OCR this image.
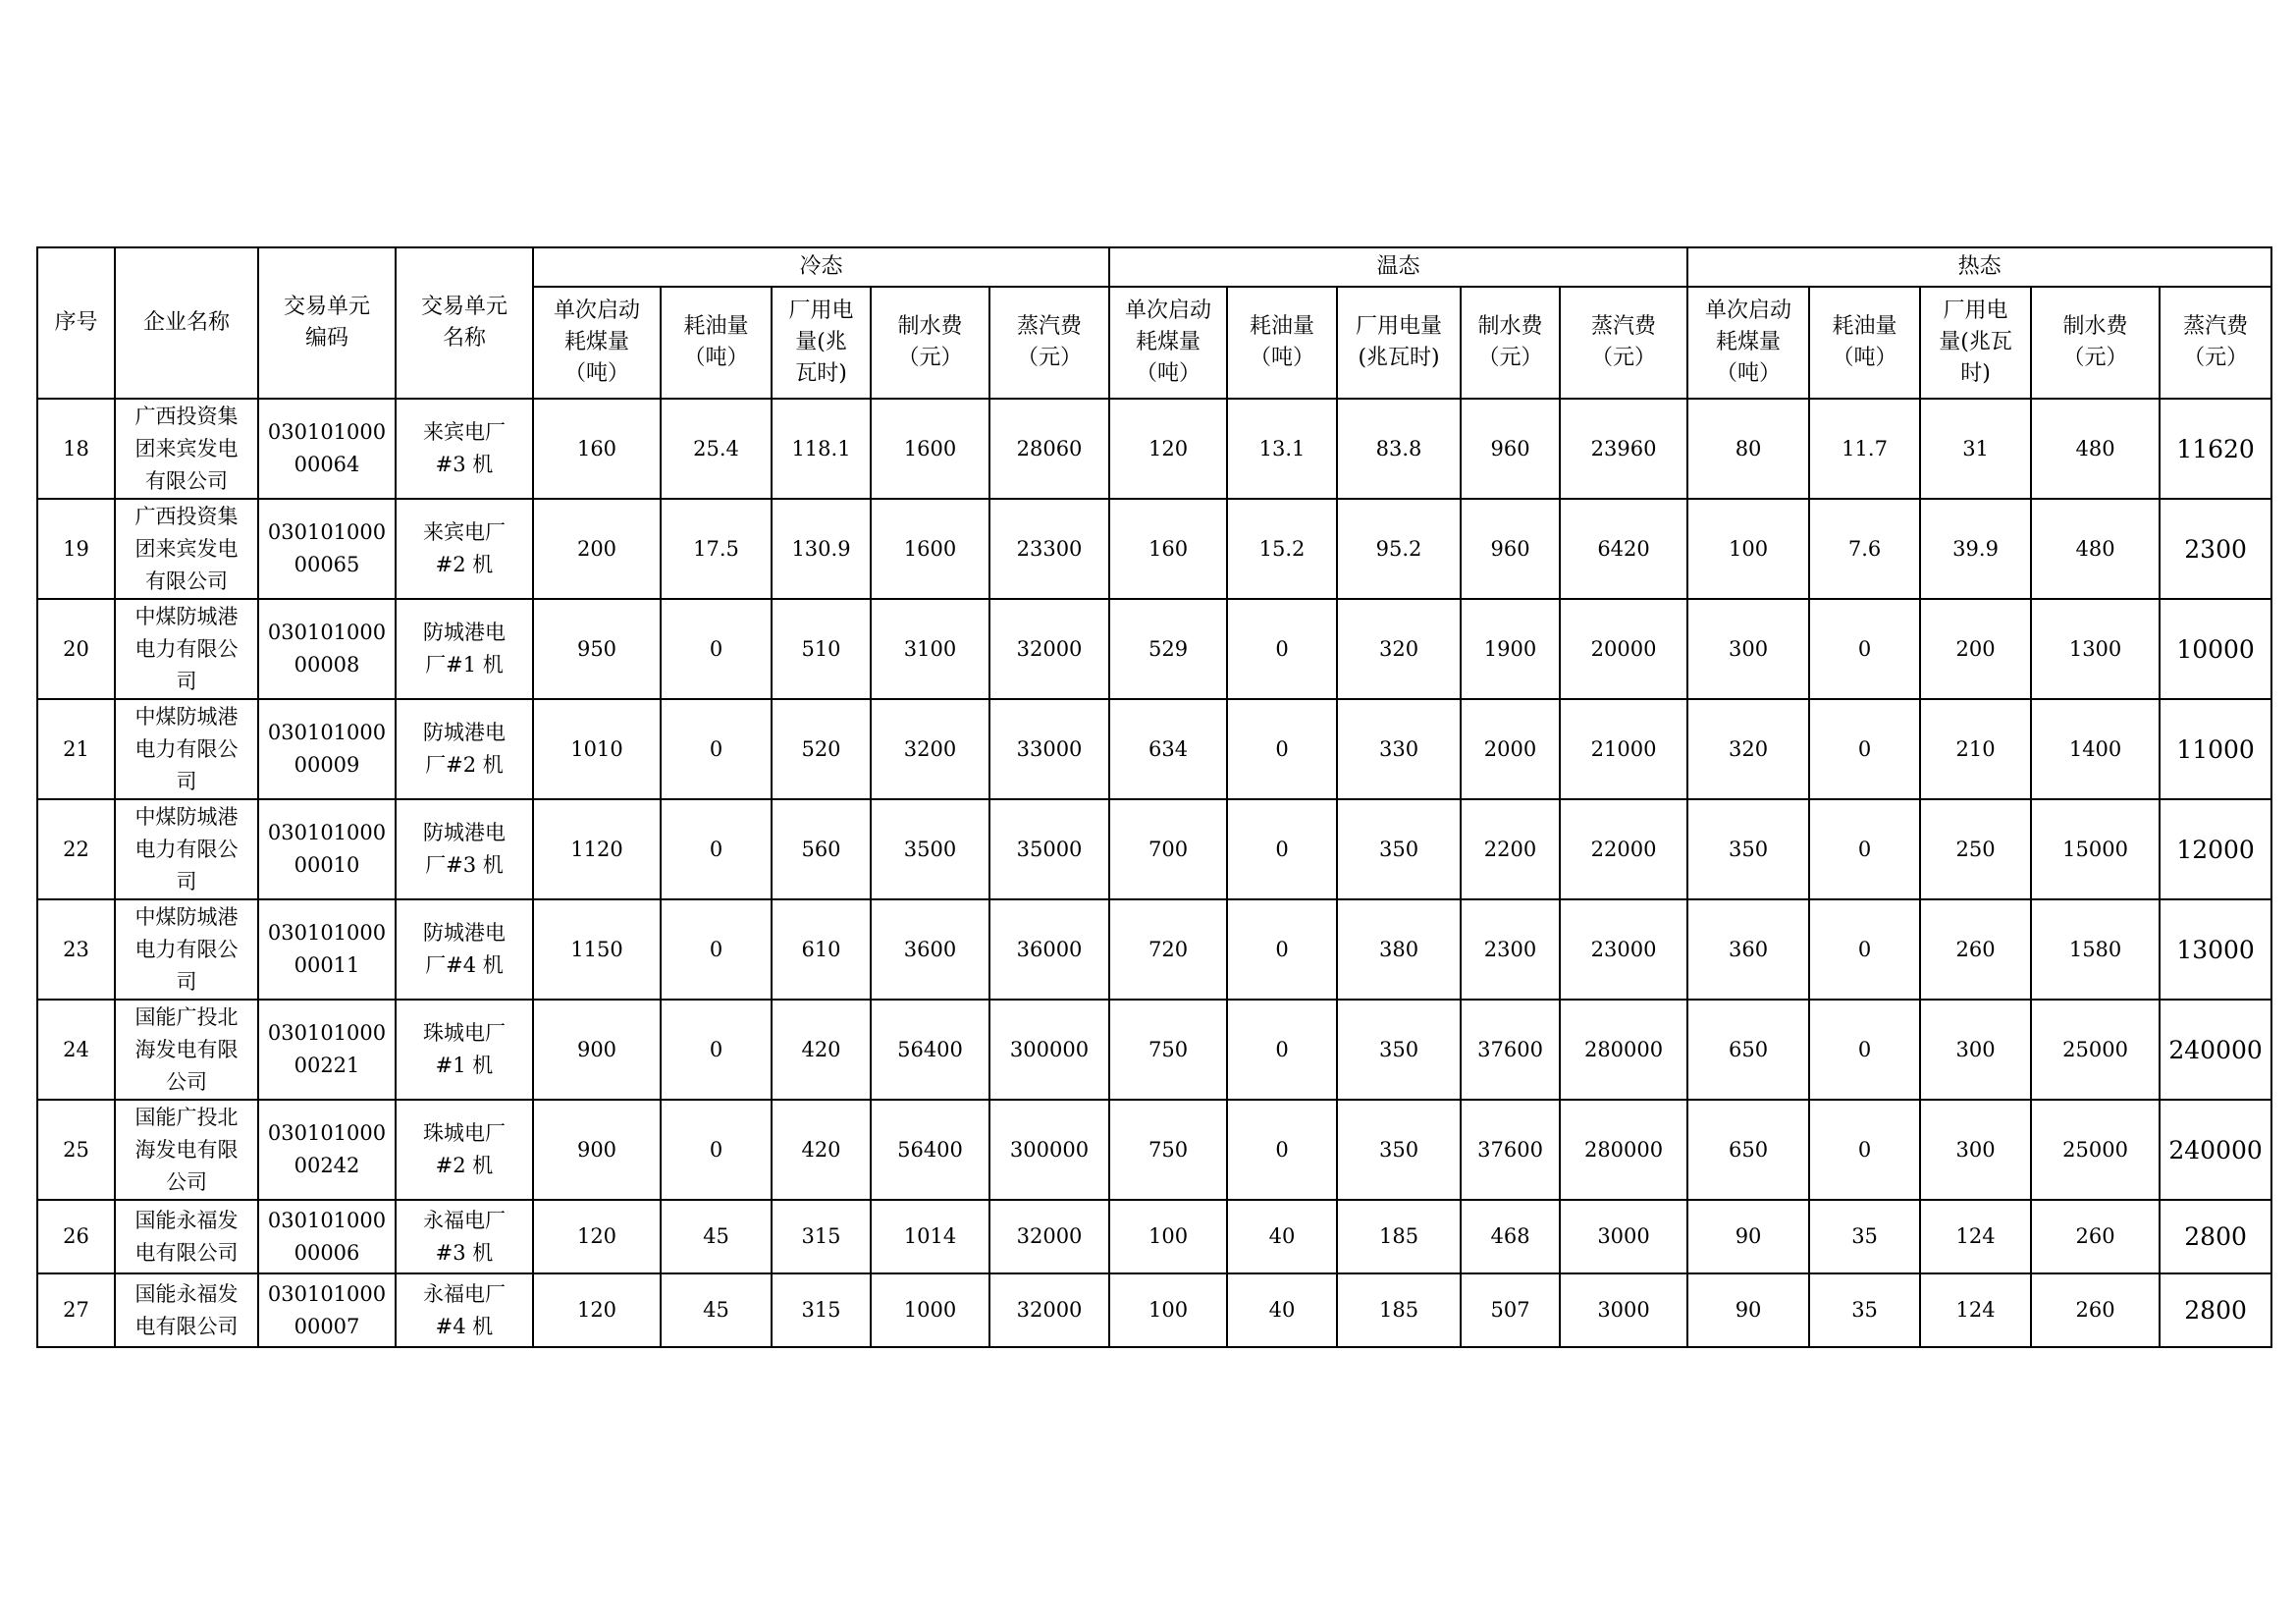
序号	企业名称	交易单元
编码	交易单元
名称	冷态					温态					热态				
				单次启动
耗煤量
（吨）	耗油量
（吨）	厂用电
量(兆
瓦时)	制水费
（元）	蒸汽费
（元）	单次启动
耗煤量
（吨）	耗油量
（吨）	厂用电量
(兆瓦时)	制水费
（元）	蒸汽费
（元）	单次启动
耗煤量
（吨）	耗油量
（吨）	厂用电
量(兆瓦
时)	制水费
（元）	蒸汽费
（元）
18	广西投资集
团来宾发电
有限公司	030101000
00064	来宾电厂
#3 机	160	25.4	118.1	1600	28060	120	13.1	83.8	960	23960	80	11.7	31	480	11620
19	广西投资集
团来宾发电
有限公司	030101000
00065	来宾电厂
#2 机	200	17.5	130.9	1600	23300	160	15.2	95.2	960	6420	100	7.6	39.9	480	2300
20	中煤防城港
电力有限公
司	030101000
00008	防城港电
厂#1 机	950	0	510	3100	32000	529	0	320	1900	20000	300	0	200	1300	10000
21	中煤防城港
电力有限公
司	030101000
00009	防城港电
厂#2 机	1010	0	520	3200	33000	634	0	330	2000	21000	320	0	210	1400	11000
22	中煤防城港
电力有限公
司	030101000
00010	防城港电
厂#3 机	1120	0	560	3500	35000	700	0	350	2200	22000	350	0	250	15000	12000
23	中煤防城港
电力有限公
司	030101000
00011	防城港电
厂#4 机	1150	0	610	3600	36000	720	0	380	2300	23000	360	0	260	1580	13000
24	国能广投北
海发电有限
公司	030101000
00221	珠城电厂
#1 机	900	0	420	56400	300000	750	0	350	37600	280000	650	0	300	25000	240000
25	国能广投北
海发电有限
公司	030101000
00242	珠城电厂
#2 机	900	0	420	56400	300000	750	0	350	37600	280000	650	0	300	25000	240000
26	国能永福发
电有限公司	030101000
00006	永福电厂
#3 机	120	45	315	1014	32000	100	40	185	468	3000	90	35	124	260	2800
27	国能永福发
电有限公司	030101000
00007	永福电厂
#4 机	120	45	315	1000	32000	100	40	185	507	3000	90	35	124	260	2800
